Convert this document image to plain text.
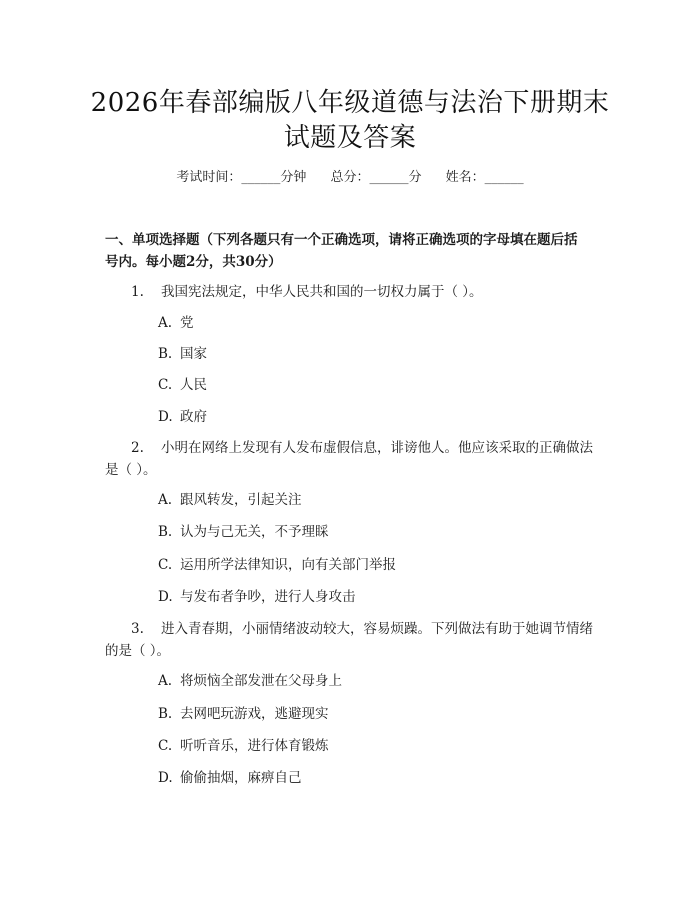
2026年春部编版八年级道德与法治下册期末
试题及答案
考试时间：______分钟 总分：______分 姓名：______
一、单项选择题（下列各题只有一个正确选项，请将正确选项的字母填在题后括
号内。每小题2分，共30分）
1. 我国宪法规定，中华人民共和国的一切权力属于（ ）。
A. 党
B. 国家
C. 人民
D. 政府
2. 小明在网络上发现有人发布虚假信息，诽谤他人。他应该采取的正确做法
是（ ）。
A. 跟风转发，引起关注
B. 认为与己无关，不予理睬
C. 运用所学法律知识，向有关部门举报
D. 与发布者争吵，进行人身攻击
3. 进入青春期，小丽情绪波动较大，容易烦躁。下列做法有助于她调节情绪
的是（ ）。
A. 将烦恼全部发泄在父母身上
B. 去网吧玩游戏，逃避现实
C. 听听音乐，进行体育锻炼
D. 偷偷抽烟，麻痹自己
